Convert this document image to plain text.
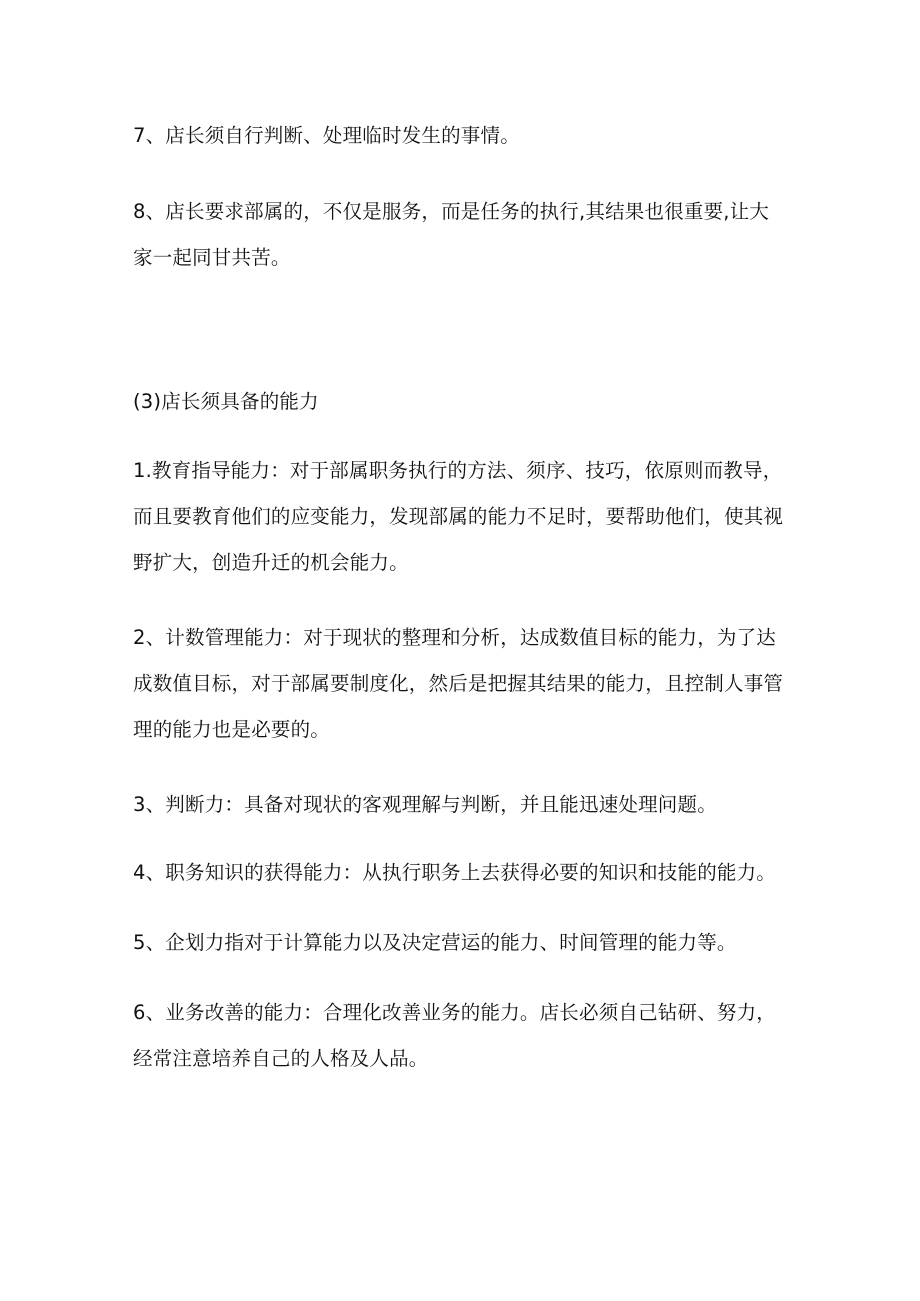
7、店长须自行判断、处理临时发生的事情。

8、店长要求部属的，不仅是服务，而是任务的执行,其结果也很重要,让大
家一起同甘共苦。

(3)店长须具备的能力

1.教育指导能力：对于部属职务执行的方法、须序、技巧，依原则而教导，
而且要教育他们的应变能力，发现部属的能力不足时，要帮助他们，使其视
野扩大，创造升迁的机会能力。

2、计数管理能力：对于现状的整理和分析，达成数值目标的能力，为了达
成数值目标，对于部属要制度化，然后是把握其结果的能力，且控制人事管
理的能力也是必要的。

3、判断力：具备对现状的客观理解与判断，并且能迅速处理问题。

4、职务知识的获得能力：从执行职务上去获得必要的知识和技能的能力。

5、企划力指对于计算能力以及决定营运的能力、时间管理的能力等。

6、业务改善的能力：合理化改善业务的能力。店长必须自己钻研、努力，
经常注意培养自己的人格及人品。
